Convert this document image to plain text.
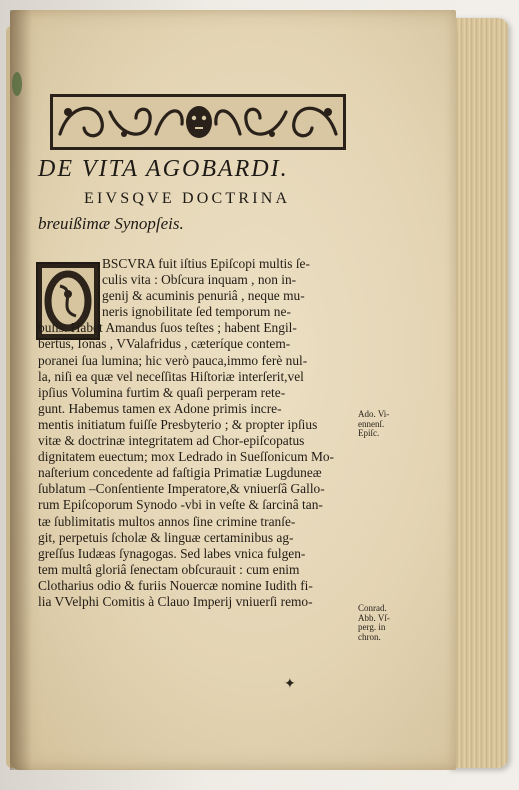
DE VITA AGOBARDI.
EIVSQVE DOCTRINA
breuißimæ Synopſeis.
BSCVRA fuit iſtius Epiſcopi multis ſe-
culis vita : Obſcura inquam , non in-
genij & acuminis penuriâ , neque mu-
neris ignobilitate ſed temporum ne-
bulis. Habet Amandus ſuos teſtes ; habent Engil-
bertus, Ionas , VValafridus , cæteríque contem-
poranei ſua lumina; hic verò pauca,immo ferè nul-
la, niſi ea quæ vel neceſſitas Hiſtoriæ interſerit,vel
ipſius Volumina furtim & quaſi perperam rete-
gunt. Habemus tamen ex Adone primis incre-
mentis initiatum fuiſſe Presbyterio ; & propter ipſius
vitæ & doctrinæ integritatem ad Chor-epiſcopatus
dignitatem euectum; mox Ledrado in Sueſſonicum Mo-
naſterium concedente ad faſtigia Primatiæ Lugduneæ
ſublatum –Conſentiente Imperatore,& vniuerſâ Gallo-
rum Epiſcoporum Synodo -vbi in veſte & ſarcinâ tan-
tæ ſublimitatis multos annos ſine crimine tranſe-
git, perpetuis ſcholæ & linguæ certaminibus ag-
greſſus Iudæas ſynagogas. Sed labes vnica fulgen-
tem multâ gloriâ ſenectam obſcurauit : cum enim
Clotharius odio & furiis Nouercæ nomine Iudith fi-
lia VVelphi Comitis à Clauo Imperij vniuerſi remo-
Ado. Vi-
ennenſ.
Epiſc.
Conrad.
Abb. Vſ-
perg. in
chron.
✦
